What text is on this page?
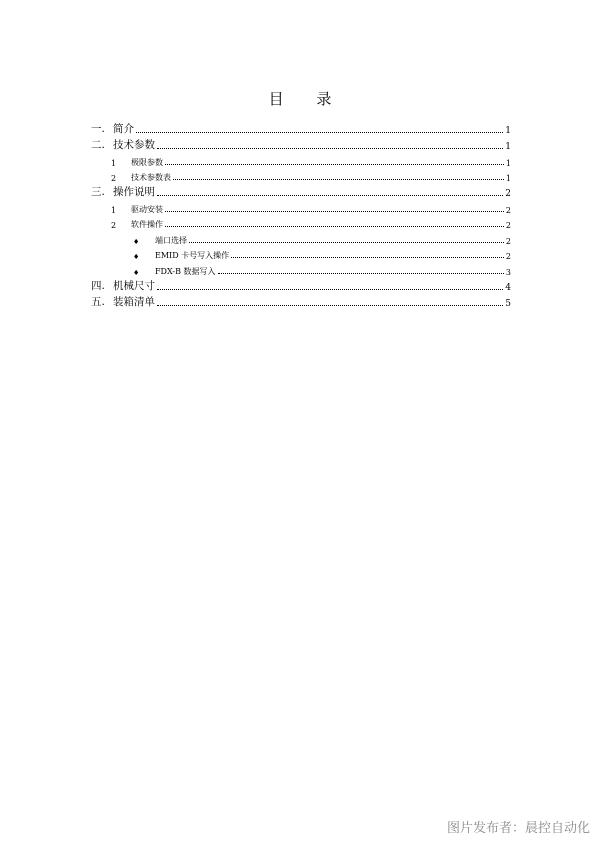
目 录
一. 简介	1
二. 技术参数	1
1	极限参数	1
2	技术参数表	1
三. 操作说明	2
1	驱动安装	2
2	软件操作	2
♦	端口选择	2
♦	EMID 卡号写入操作	2
♦	FDX-B 数据写入	3
四. 机械尺寸	4
五. 装箱清单	5
图片发布者：晨控自动化
